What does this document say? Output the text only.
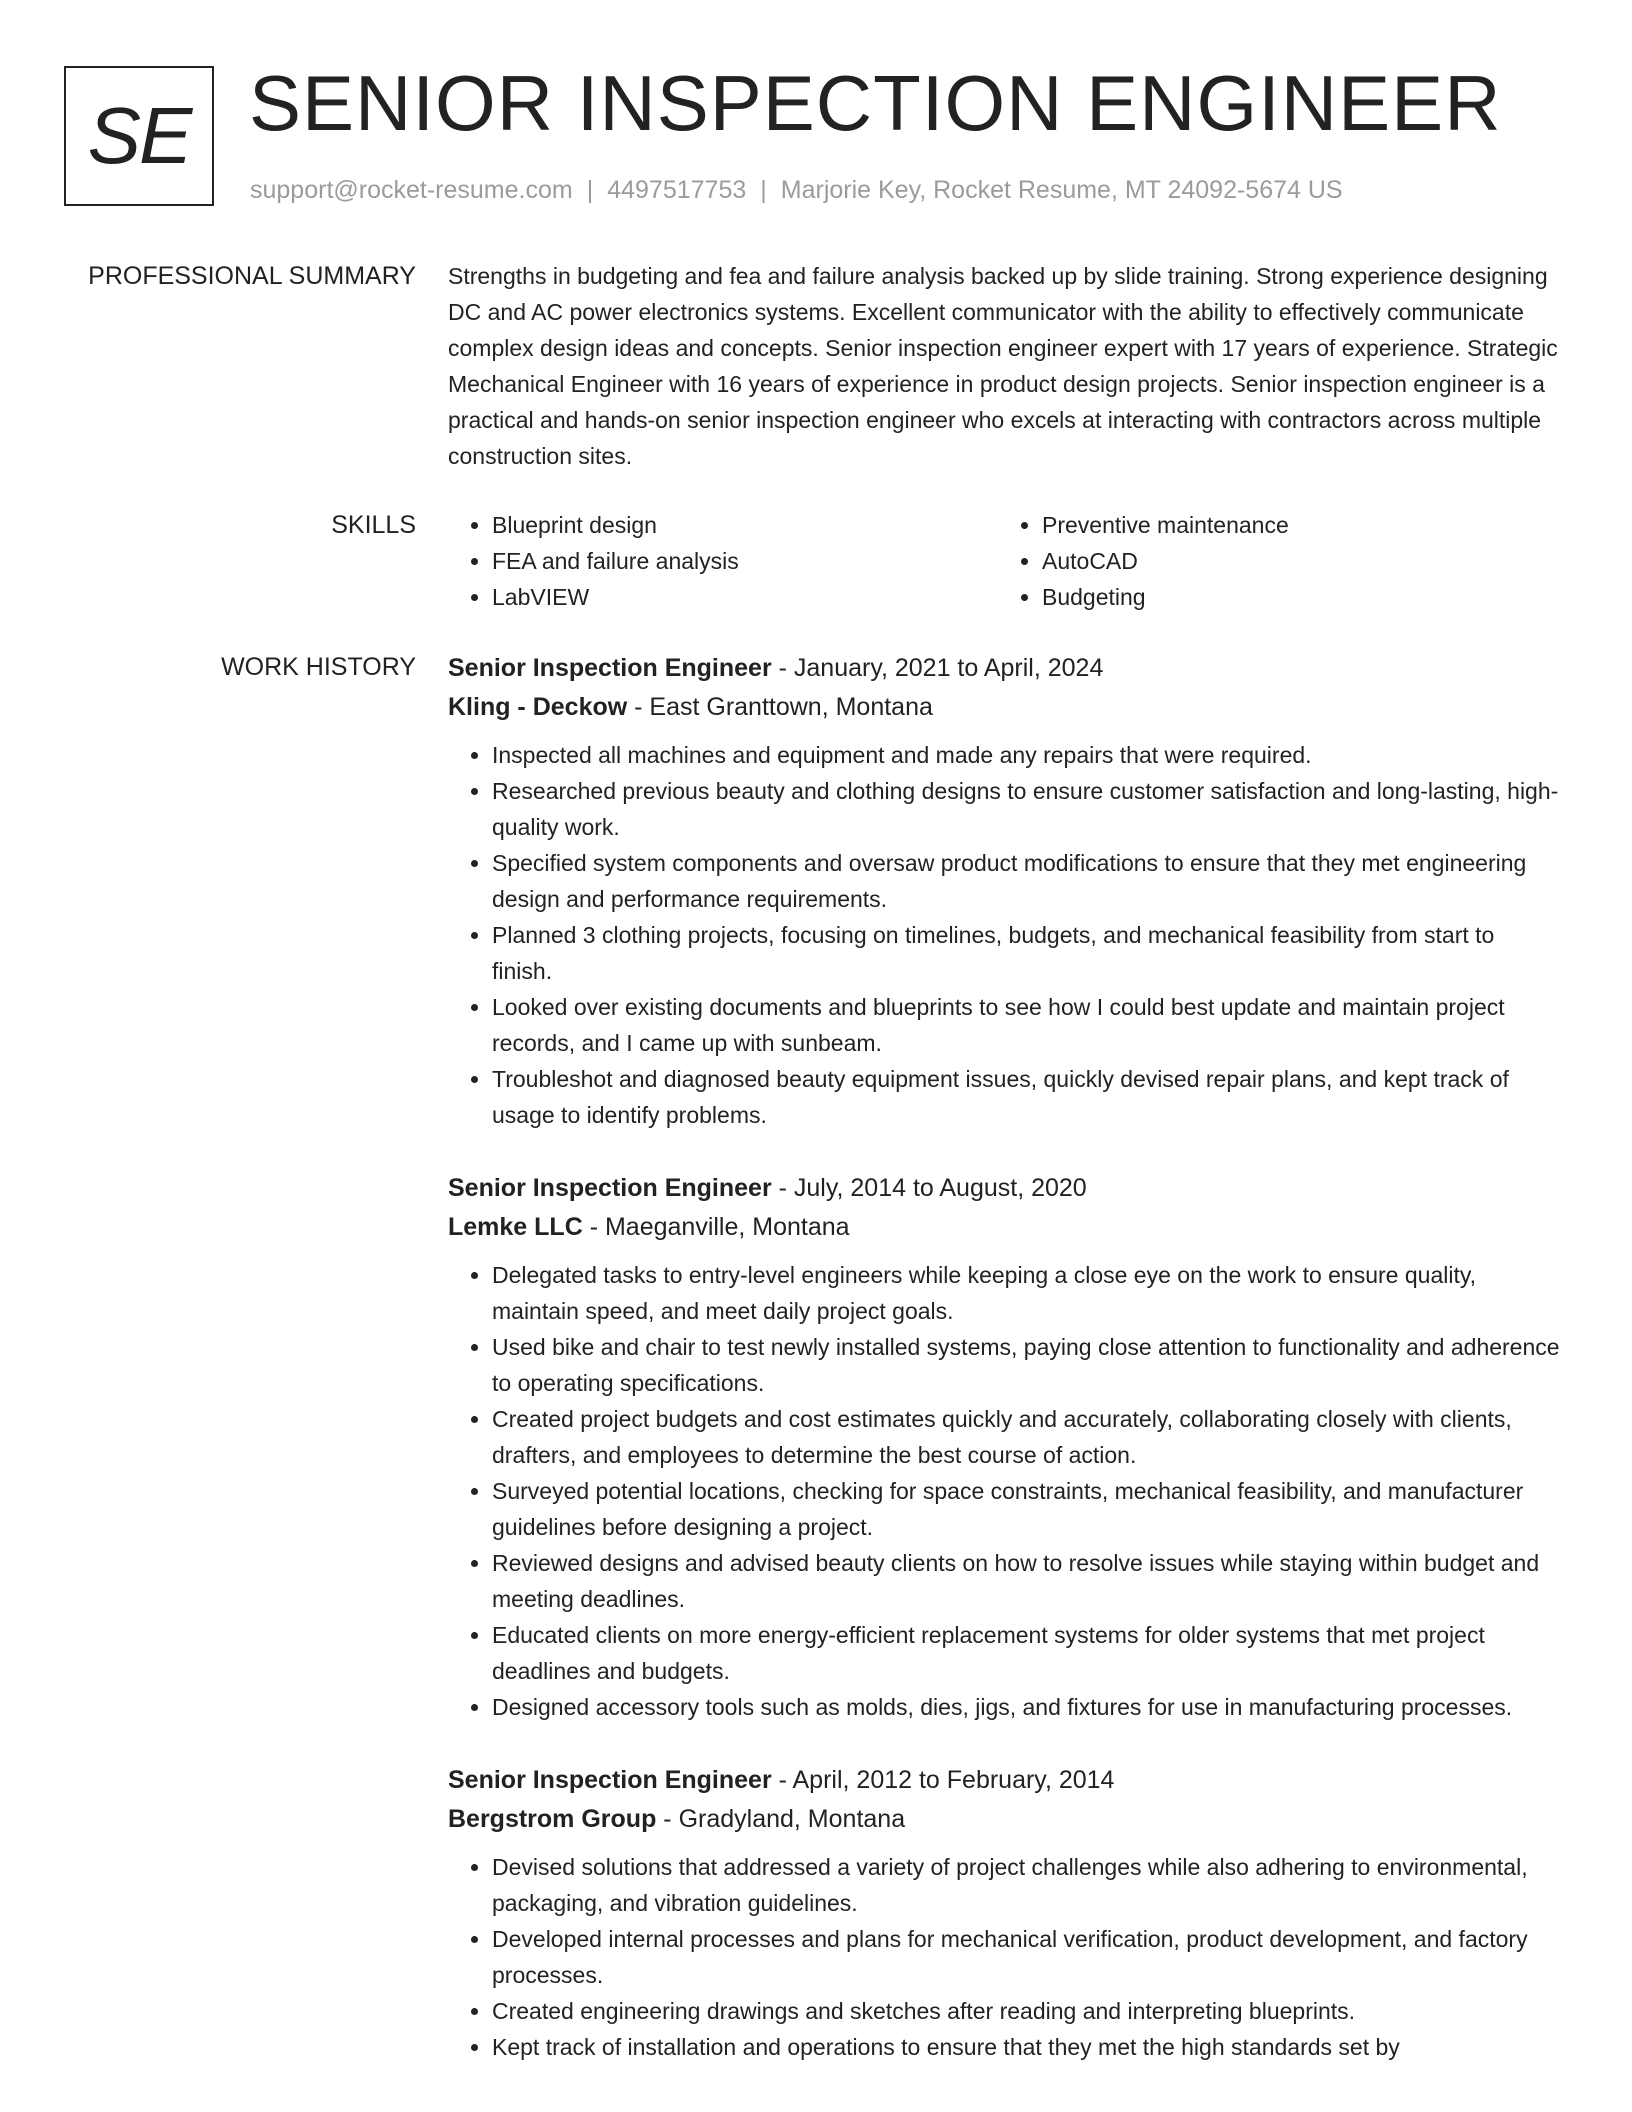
SE SENIOR INSPECTION ENGINEER
support@rocket-resume.com | 4497517753 | Marjorie Key, Rocket Resume, MT 24092-5674 US
PROFESSIONAL SUMMARY Strengths in budgeting and fea and failure analysis backed up by slide training. Strong experience designing DC and AC power electronics systems. Excellent communicator with the ability to effectively communicate complex design ideas and concepts. Senior inspection engineer expert with 17 years of experience. Strategic Mechanical Engineer with 16 years of experience in product design projects. Senior inspection engineer is a practical and hands-on senior inspection engineer who excels at interacting with contractors across multiple construction sites.
SKILLS
•	Blueprint design
• FEA and failure analysis
• LabVIEW
• Preventive maintenance
• AutoCAD
• Budgeting
WORK HISTORY Senior Inspection Engineer - January, 2021 to April, 2024
Kling - Deckow - East Granttown, Montana
• Inspected all machines and equipment and made any repairs that were required.
• Researched previous beauty and clothing designs to ensure customer satisfaction and long-lasting, high-quality work.
• Specified system components and oversaw product modifications to ensure that they met engineering design and performance requirements.
• Planned 3 clothing projects, focusing on timelines, budgets, and mechanical feasibility from start to finish.
• Looked over existing documents and blueprints to see how I could best update and maintain project records, and I came up with sunbeam.
• Troubleshot and diagnosed beauty equipment issues, quickly devised repair plans, and kept track of usage to identify problems.
Senior Inspection Engineer - July, 2014 to August, 2020
Lemke LLC - Maeganville, Montana
• Delegated tasks to entry-level engineers while keeping a close eye on the work to ensure quality, maintain speed, and meet daily project goals.
• Used bike and chair to test newly installed systems, paying close attention to functionality and adherence to operating specifications.
• Created project budgets and cost estimates quickly and accurately, collaborating closely with clients, drafters, and employees to determine the best course of action.
• Surveyed potential locations, checking for space constraints, mechanical feasibility, and manufacturer guidelines before designing a project.
• Reviewed designs and advised beauty clients on how to resolve issues while staying within budget and meeting deadlines.
• Educated clients on more energy-efficient replacement systems for older systems that met project deadlines and budgets.
• Designed accessory tools such as molds, dies, jigs, and fixtures for use in manufacturing processes.
Senior Inspection Engineer - April, 2012 to February, 2014
Bergstrom Group - Gradyland, Montana
• Devised solutions that addressed a variety of project challenges while also adhering to environmental, packaging, and vibration guidelines.
• Developed internal processes and plans for mechanical verification, product development, and factory processes.
• Created engineering drawings and sketches after reading and interpreting blueprints.
• Kept track of installation and operations to ensure that they met the high standards set by
